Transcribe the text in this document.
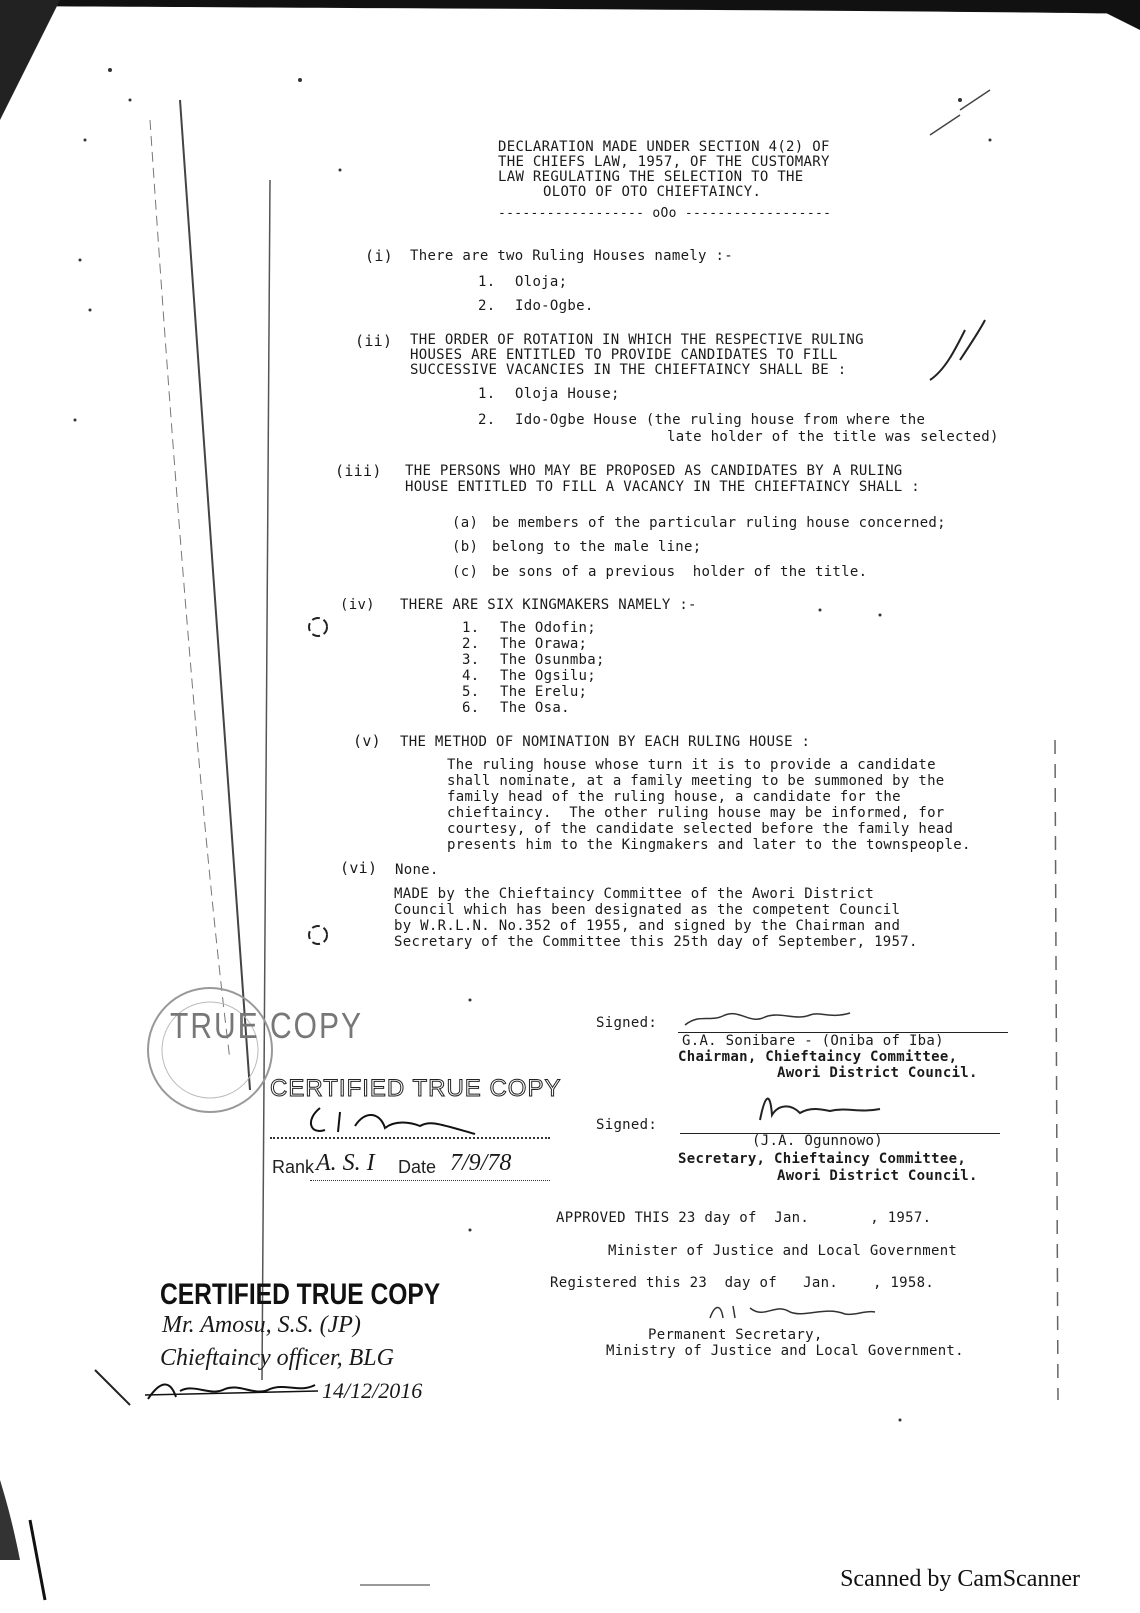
DECLARATION MADE UNDER SECTION 4(2) OF
THE CHIEFS LAW, 1957, OF THE CUSTOMARY
LAW REGULATING THE SELECTION TO THE
OLOTO OF OTO CHIEFTAINCY.
------------------ oOo ------------------
(i) There are two Ruling Houses namely :-
1. Oloja;
2. Ido-Ogbe.
(ii) THE ORDER OF ROTATION IN WHICH THE RESPECTIVE RULING
HOUSES ARE ENTITLED TO PROVIDE CANDIDATES TO FILL
SUCCESSIVE VACANCIES IN THE CHIEFTAINCY SHALL BE :
1. Oloja House;
2. Ido-Ogbe House (the ruling house from where the
late holder of the title was selected)
(iii) THE PERSONS WHO MAY BE PROPOSED AS CANDIDATES BY A RULING
HOUSE ENTITLED TO FILL A VACANCY IN THE CHIEFTAINCY SHALL :
(a) be members of the particular ruling house concerned;
(b) belong to the male line;
(c) be sons of a previous  holder of the title.
(iv) THERE ARE SIX KINGMAKERS NAMELY :-
1. The Odofin;
2. The Orawa;
3. The Osunmba;
4. The Ogsilu;
5. The Erelu;
6. The Osa.
(v) THE METHOD OF NOMINATION BY EACH RULING HOUSE :
The ruling house whose turn it is to provide a candidate
shall nominate, at a family meeting to be summoned by the
family head of the ruling house, a candidate for the
chieftaincy.  The other ruling house may be informed, for
courtesy, of the candidate selected before the family head
presents him to the Kingmakers and later to the townspeople.
(vi) None.
MADE by the Chieftaincy Committee of the Awori District
Council which has been designated as the competent Council
by W.R.L.N. No.352 of 1955, and signed by the Chairman and
Secretary of the Committee this 25th day of September, 1957.
Signed:
G.A. Sonibare - (Oniba of Iba)
Chairman, Chieftaincy Committee,
Awori District Council.
Signed:
(J.A. Ogunnowo)
Secretary, Chieftaincy Committee,
Awori District Council.
APPROVED THIS 23 day of  Jan.       , 1957.
Minister of Justice and Local Government
Registered this 23  day of   Jan.    , 1958.
Permanent Secretary,
Ministry of Justice and Local Government.
TRUE COPY
CERTIFIED TRUE COPY
Rank A. S. I Date 7/9/78
CERTIFIED TRUE COPY
Mr. Amosu, S.S. (JP)
Chieftaincy officer, BLG
14/12/2016
Scanned by CamScanner
